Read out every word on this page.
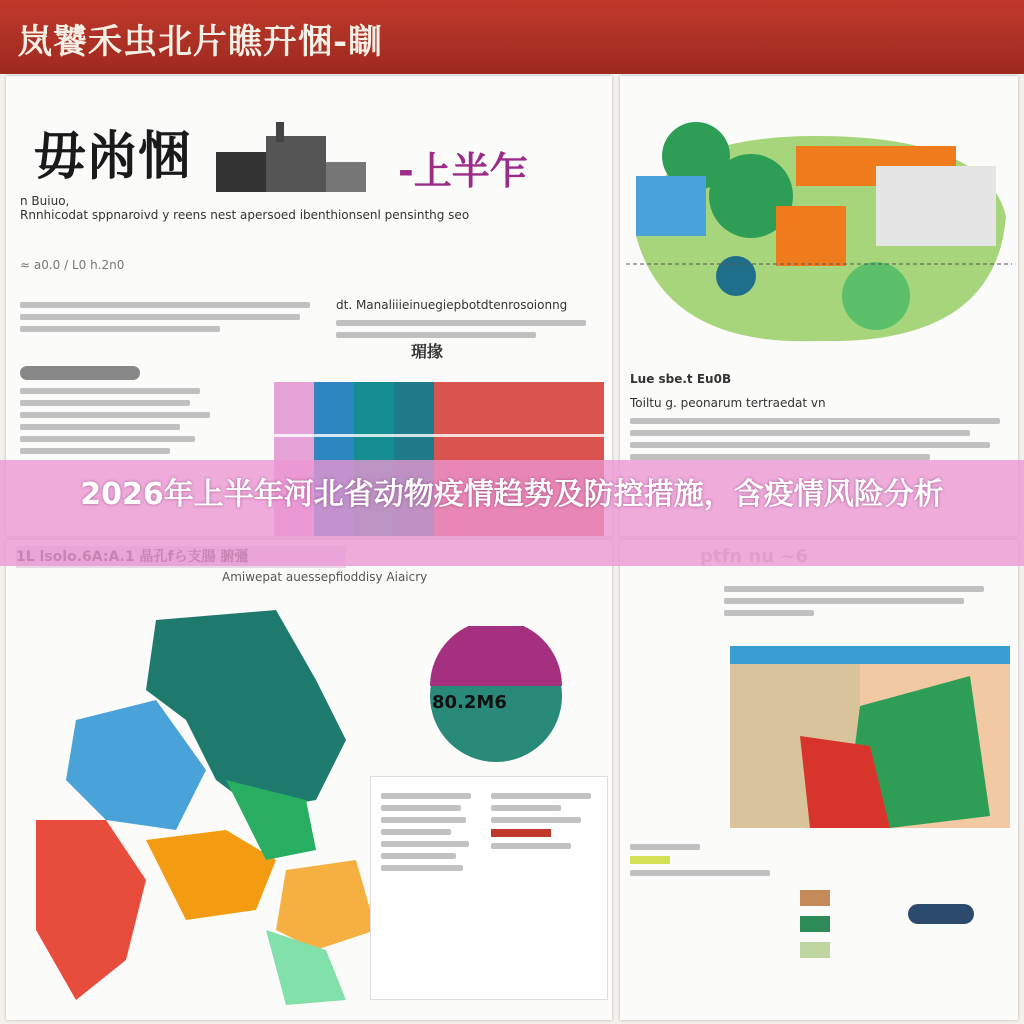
岚饕禾虫北片瞧幵悃-瞓
毋㡀悃	-上半乍
n Buiuo,
Rnnhicodat sppnaroivd y reens nest apersoed ibenthionsenl pensinthg seo
≈ a0.0 / L0 h.2n0
dt. Manaliiieinuegiepbotdtenrosoionng
瑂掾
Lue sbe.t Eu0B
Toiltu g. peonarum tertraedat vn
Amiwepat auessepfioddisy Aiaicry
80.2M6
2026年上半年河北省动物疫情趋势及防控措施，含疫情风险分析
